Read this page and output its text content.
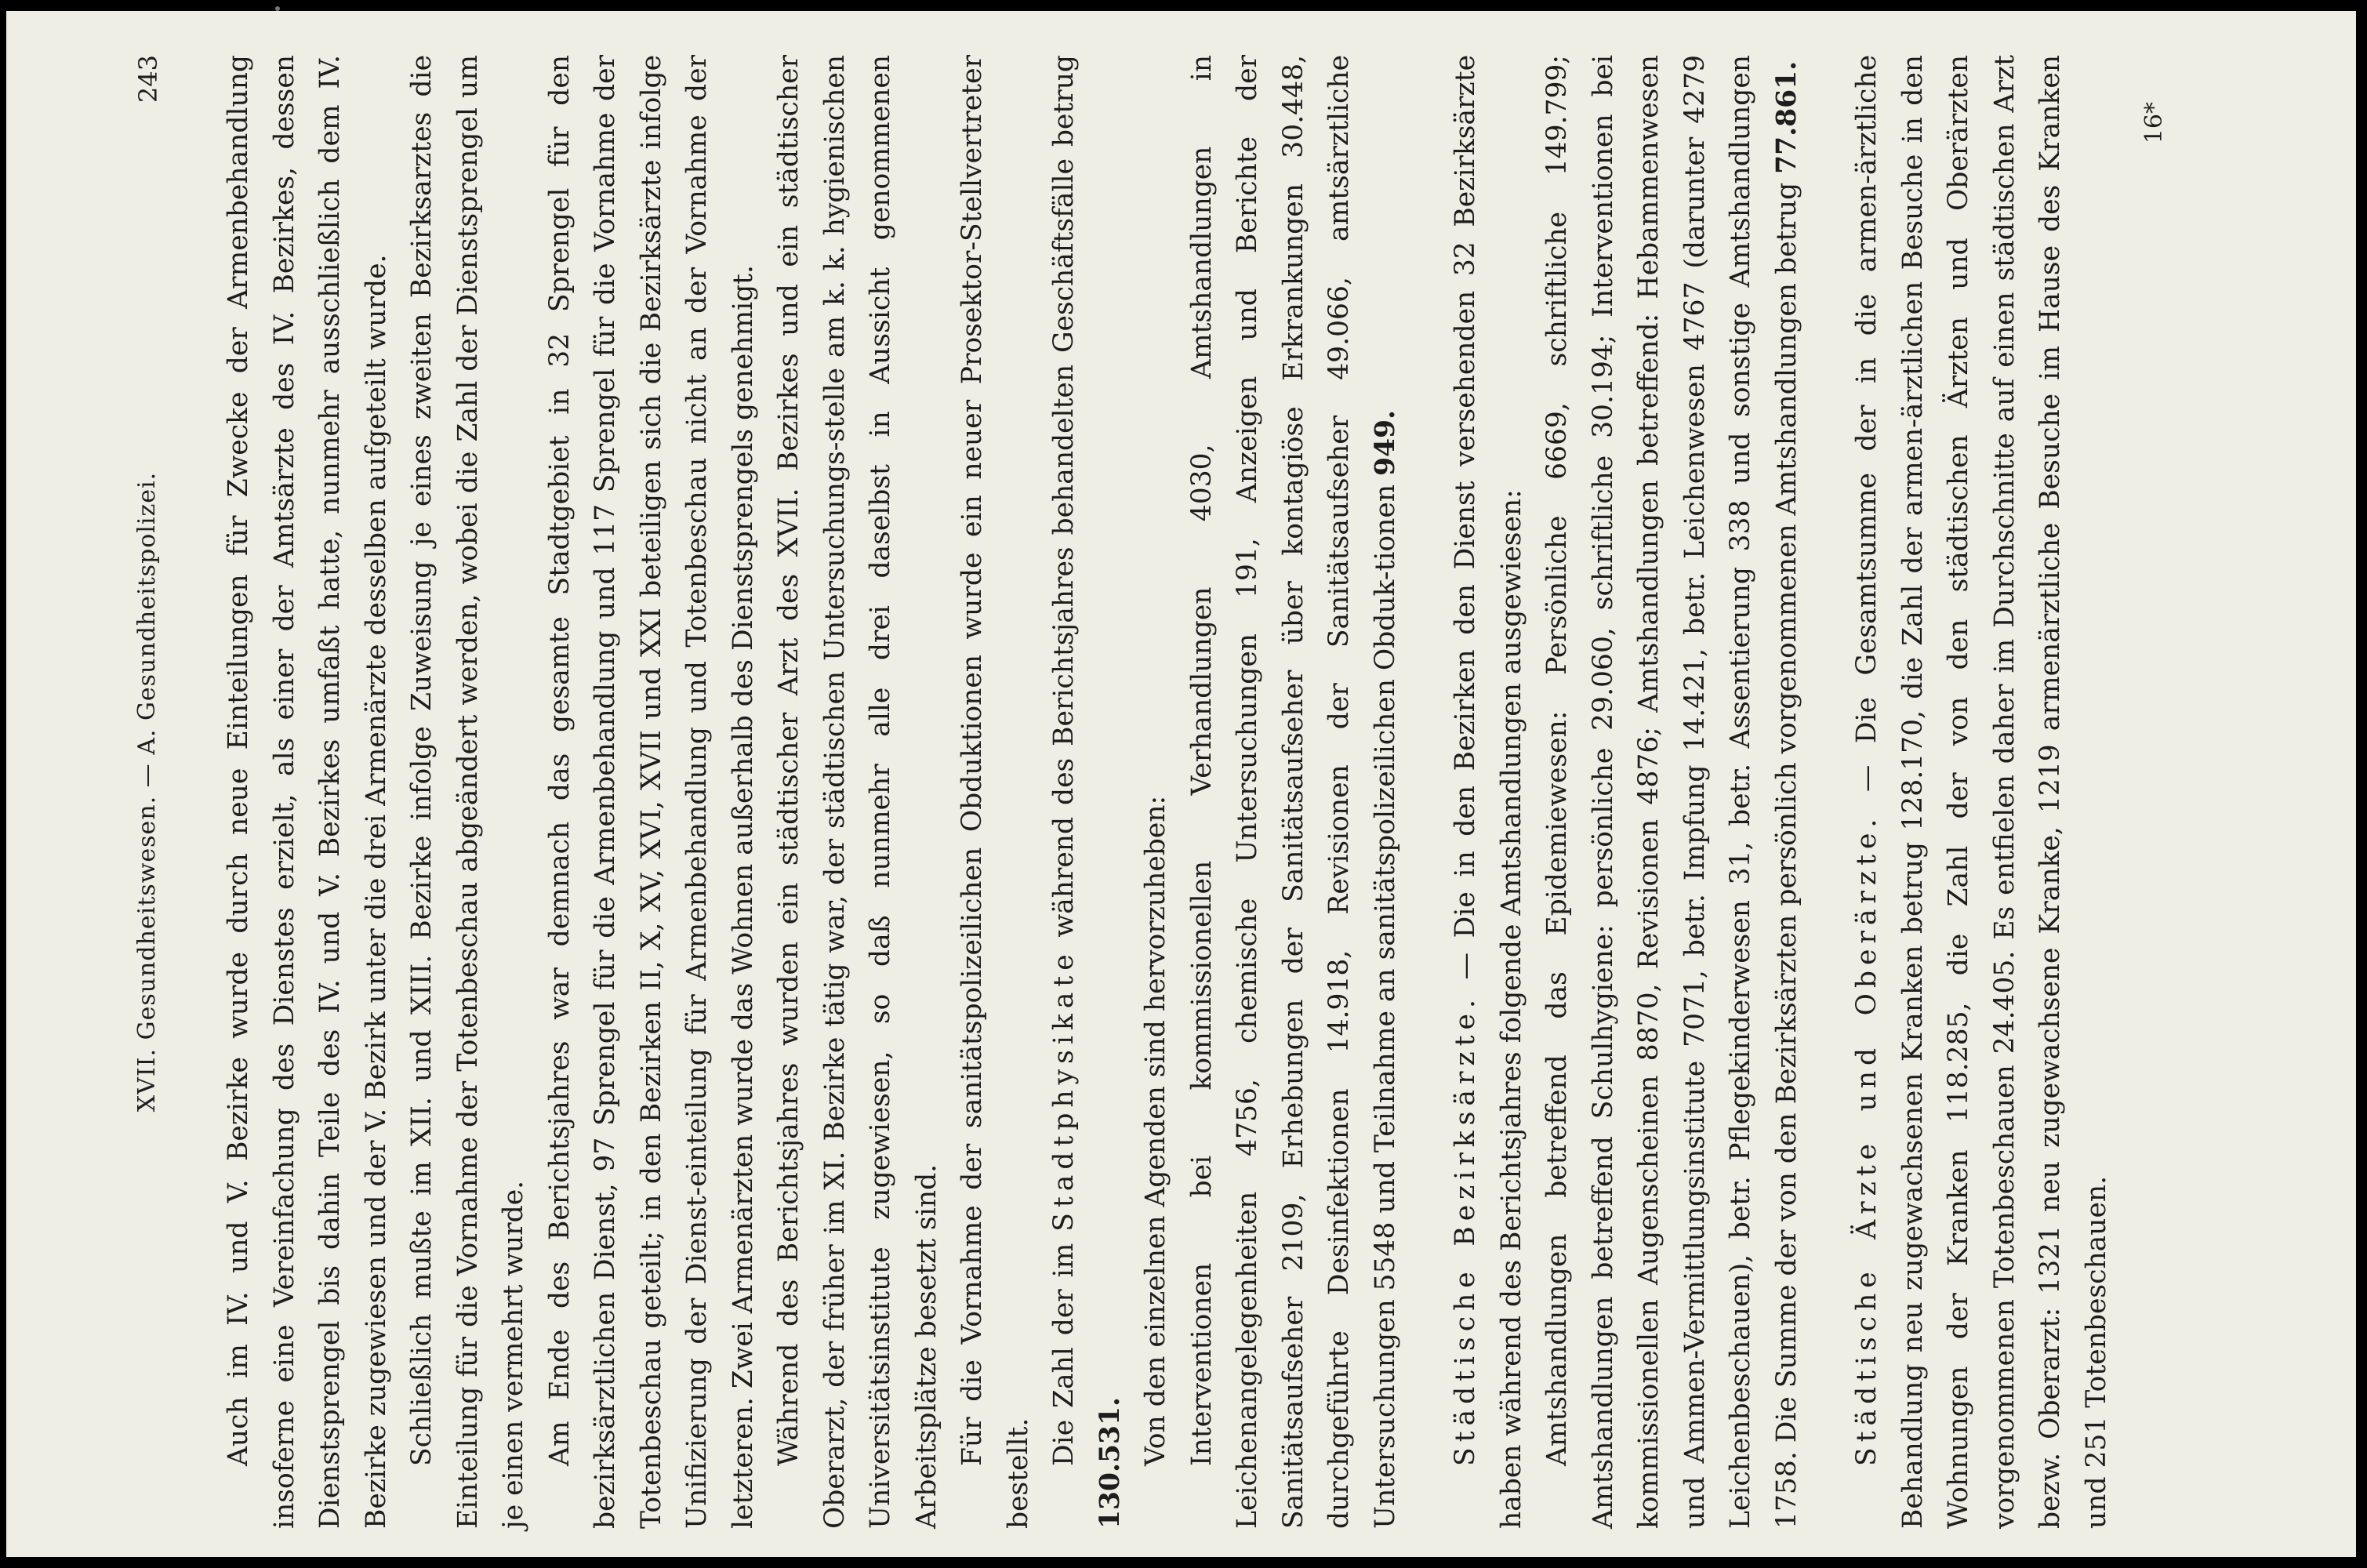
XVII. Gesundheitswesen. — A. Gesundheitspolizei.
243 Auch im IV. und V. Bezirke wurde durch neue Einteilungen für Zwecke der Armenbehandlung insoferne eine Vereinfachung des Dienstes erzielt, als einer der Amtsärzte des IV. Bezirkes, dessen Dienstsprengel bis dahin Teile des IV. und V. Bezirkes umfaßt hatte, nunmehr ausschließlich dem IV. Bezirke zugewiesen und der V. Bezirk unter die drei Armenärzte desselben aufgeteilt wurde. Schließlich mußte im XII. und XIII. Bezirke infolge Zuweisung je eines zweiten Bezirksarztes die Einteilung für die Vornahme der Totenbeschau abgeändert werden, wobei die Zahl der Dienstsprengel um je einen vermehrt wurde. Am Ende des Berichtsjahres war demnach das gesamte Stadtgebiet in 32 Sprengel für den bezirksärztlichen Dienst, 97 Sprengel für die Armenbehandlung und 117 Sprengel für die Vornahme der Totenbeschau geteilt; in den Bezirken II, X, XV, XVI, XVII und XXI beteiligen sich die Bezirksärzte infolge Unifizierung der Dienst-einteilung für Armenbehandlung und Totenbeschau nicht an der Vornahme der letzteren. Zwei Armenärzten wurde das Wohnen außerhalb des Dienstsprengels genehmigt. Während des Berichtsjahres wurden ein städtischer Arzt des XVII. Bezirkes und ein städtischer Oberarzt, der früher im XI. Bezirke tätig war, der städtischen Untersuchungs-stelle am k. k. hygienischen Universitätsinstitute zugewiesen, so daß nunmehr alle drei daselbst in Aussicht genommenen Arbeitsplätze besetzt sind. Für die Vornahme der sanitätspolizeilichen Obduktionen wurde ein neuer Prosektor-Stellvertreter bestellt.

Die Zahl der im Stadtphysikate während des Berichtsjahres behandelten Geschäftsfälle betrug 130.531. Von den einzelnen Agenden sind hervorzuheben: Interventionen bei kommissionellen Verhandlungen 4030, Amtshandlungen in Leichenangelegenheiten 4756, chemische Untersuchungen 191, Anzeigen und Berichte der Sanitätsaufseher 2109, Erhebungen der Sanitätsaufseher über kontagiöse Erkrankungen 30.448, durchgeführte Desinfektionen 14.918, Revisionen der Sanitätsaufseher 49.066, amtsärztliche Untersuchungen 5548 und Teilnahme an sanitätspolizeilichen Obduk-tionen 949.

Städtische Bezirksärzte. — Die in den Bezirken den Dienst versehenden 32 Bezirksärzte haben während des Berichtsjahres folgende Amtshandlungen ausgewiesen: Amtshandlungen betreffend das Epidemiewesen: Persönliche 6669, schriftliche 149.799; Amtshandlungen betreffend Schulhygiene: persönliche 29.060, schriftliche 30.194; Interventionen bei kommissionellen Augenscheinen 8870, Revisionen 4876; Amtshandlungen betreffend: Hebammenwesen und Ammen-Vermittlungsinstitute 7071, betr. Impfung 14.421, betr. Leichenwesen 4767 (darunter 4279 Leichenbeschauen), betr. Pflegekinderwesen 31, betr. Assentierung 338 und sonstige Amtshandlungen 1758. Die Summe der von den Bezirksärzten persönlich vorgenommenen Amtshandlungen betrug 77.861.

Städtische Ärzte und Oberärzte. — Die Gesamtsumme der in die armen-ärztliche Behandlung neu zugewachsenen Kranken betrug 128.170, die Zahl der armen-ärztlichen Besuche in den Wohnungen der Kranken 118.285, die Zahl der von den städtischen Ärzten und Oberärzten vorgenommenen Totenbeschauen 24.405. Es entfielen daher im Durchschnitte auf einen städtischen Arzt bezw. Oberarzt: 1321 neu zugewachsene Kranke, 1219 armenärztliche Besuche im Hause des Kranken und 251 Totenbeschauen.

16*
